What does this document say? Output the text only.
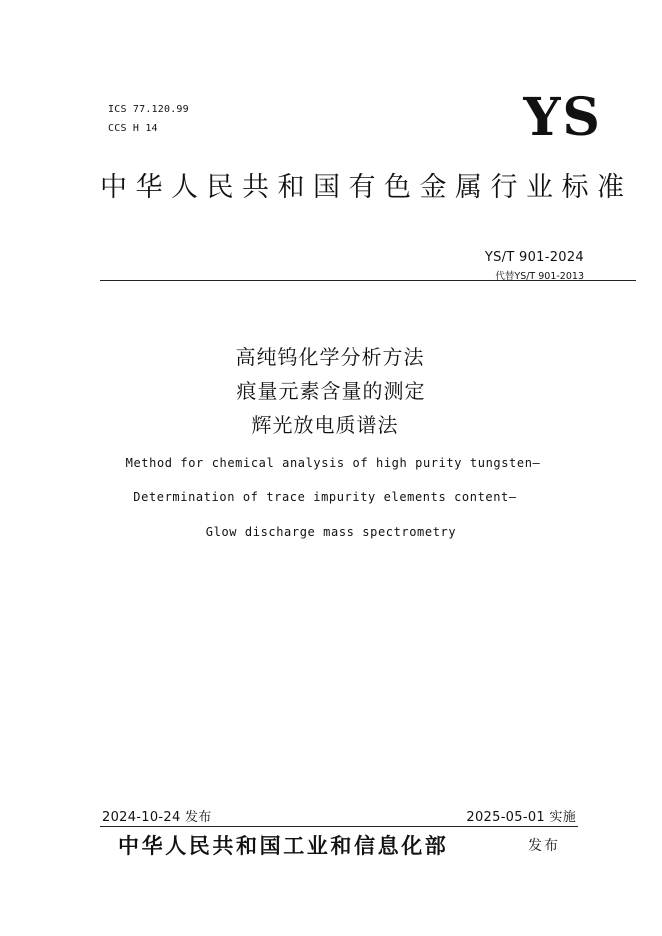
ICS 77.120.99
CCS H 14	YS
中华人民共和国有色金属行业标准
YS/T 901-2024
代替YS/T 901-2013
高纯钨化学分析方法
痕量元素含量的测定
辉光放电质谱法
Method for chemical analysis of high purity tungsten—
Determination of trace impurity elements content—
Glow discharge mass spectrometry
2024-10-24 发布	2025-05-01 实施
中华人民共和国工业和信息化部	发布
